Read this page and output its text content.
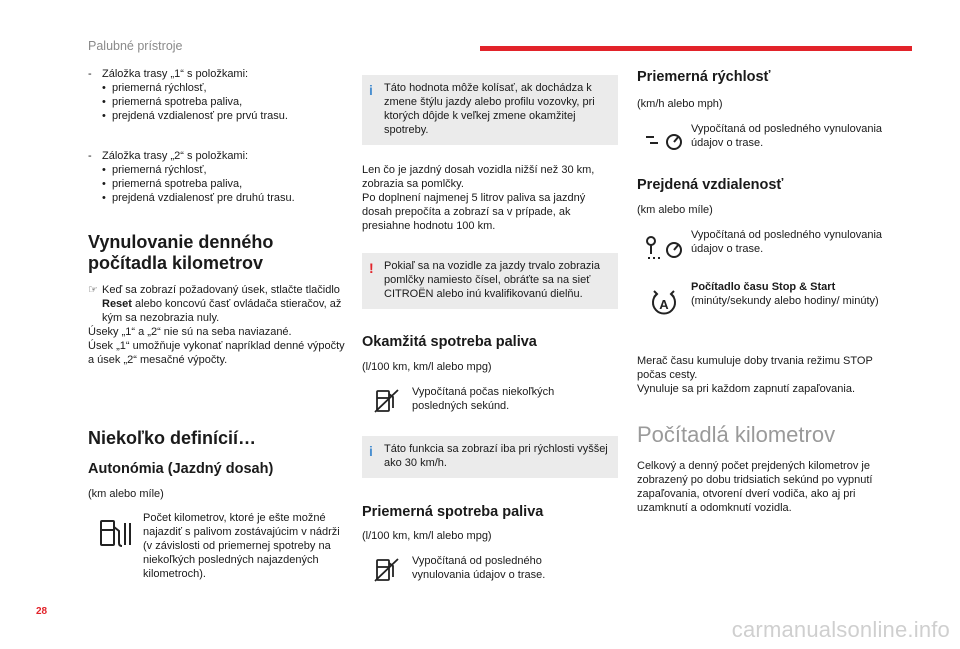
Palubné prístroje
- Záložka trasy „1“ s položkami:
•  priemerná rýchlosť,
•  priemerná spotreba paliva,
•  prejdená vzdialenosť pre prvú trasu.
- Záložka trasy „2“ s položkami:
•  priemerná rýchlosť,
•  priemerná spotreba paliva,
•  prejdená vzdialenosť pre druhú trasu.
Vynulovanie denného počítadla kilometrov
☞ Keď sa zobrazí požadovaný úsek, stlačte tlačidlo Reset alebo koncovú časť ovládača stieračov, až kým sa nezobrazia nuly.
Úseky „1“ a „2“ nie sú na seba naviazané.
Úsek „1“ umožňuje vykonať napríklad denné výpočty a úsek „2“ mesačné výpočty.
Niekoľko definícií…
Autonómia (Jazdný dosah)
(km alebo míle)
Počet kilometrov, ktoré je ešte možné najazdiť s palivom zostávajúcim v nádrži (v závislosti od priemernej spotreby na niekoľkých posledných najazdených kilometroch).
i Táto hodnota môže kolísať, ak dochádza k zmene štýlu jazdy alebo profilu vozovky, pri ktorých dôjde k veľkej zmene okamžitej spotreby.
Len čo je jazdný dosah vozidla nižší než 30 km, zobrazia sa pomlčky.
Po doplnení najmenej 5 litrov paliva sa jazdný dosah prepočíta a zobrazí sa v prípade, ak presiahne hodnotu 100 km.
! Pokiaľ sa na vozidle za jazdy trvalo zobrazia pomlčky namiesto čísel, obráťte sa na sieť CITROËN alebo inú kvalifikovanú dielňu.
Okamžitá spotreba paliva
(l/100 km, km/l alebo mpg)
Vypočítaná počas niekoľkých posledných sekúnd.
i Táto funkcia sa zobrazí iba pri rýchlosti vyššej ako 30 km/h.
Priemerná spotreba paliva
(l/100 km, km/l alebo mpg)
Vypočítaná od posledného vynulovania údajov o trase.
Priemerná rýchlosť
(km/h alebo mph)
Vypočítaná od posledného vynulovania údajov o trase.
Prejdená vzdialenosť
(km alebo míle)
Vypočítaná od posledného vynulovania údajov o trase.
A
Počítadlo času Stop & Start
(minúty/sekundy alebo hodiny/ minúty)
Merač času kumuluje doby trvania režimu STOP počas cesty.
Vynuluje sa pri každom zapnutí zapaľovania.
Počítadlá kilometrov
Celkový a denný počet prejdených kilometrov je zobrazený po dobu tridsiatich sekúnd po vypnutí zapaľovania, otvorení dverí vodiča, ako aj pri uzamknutí a odomknutí vozidla.
28
carmanualsonline.info
